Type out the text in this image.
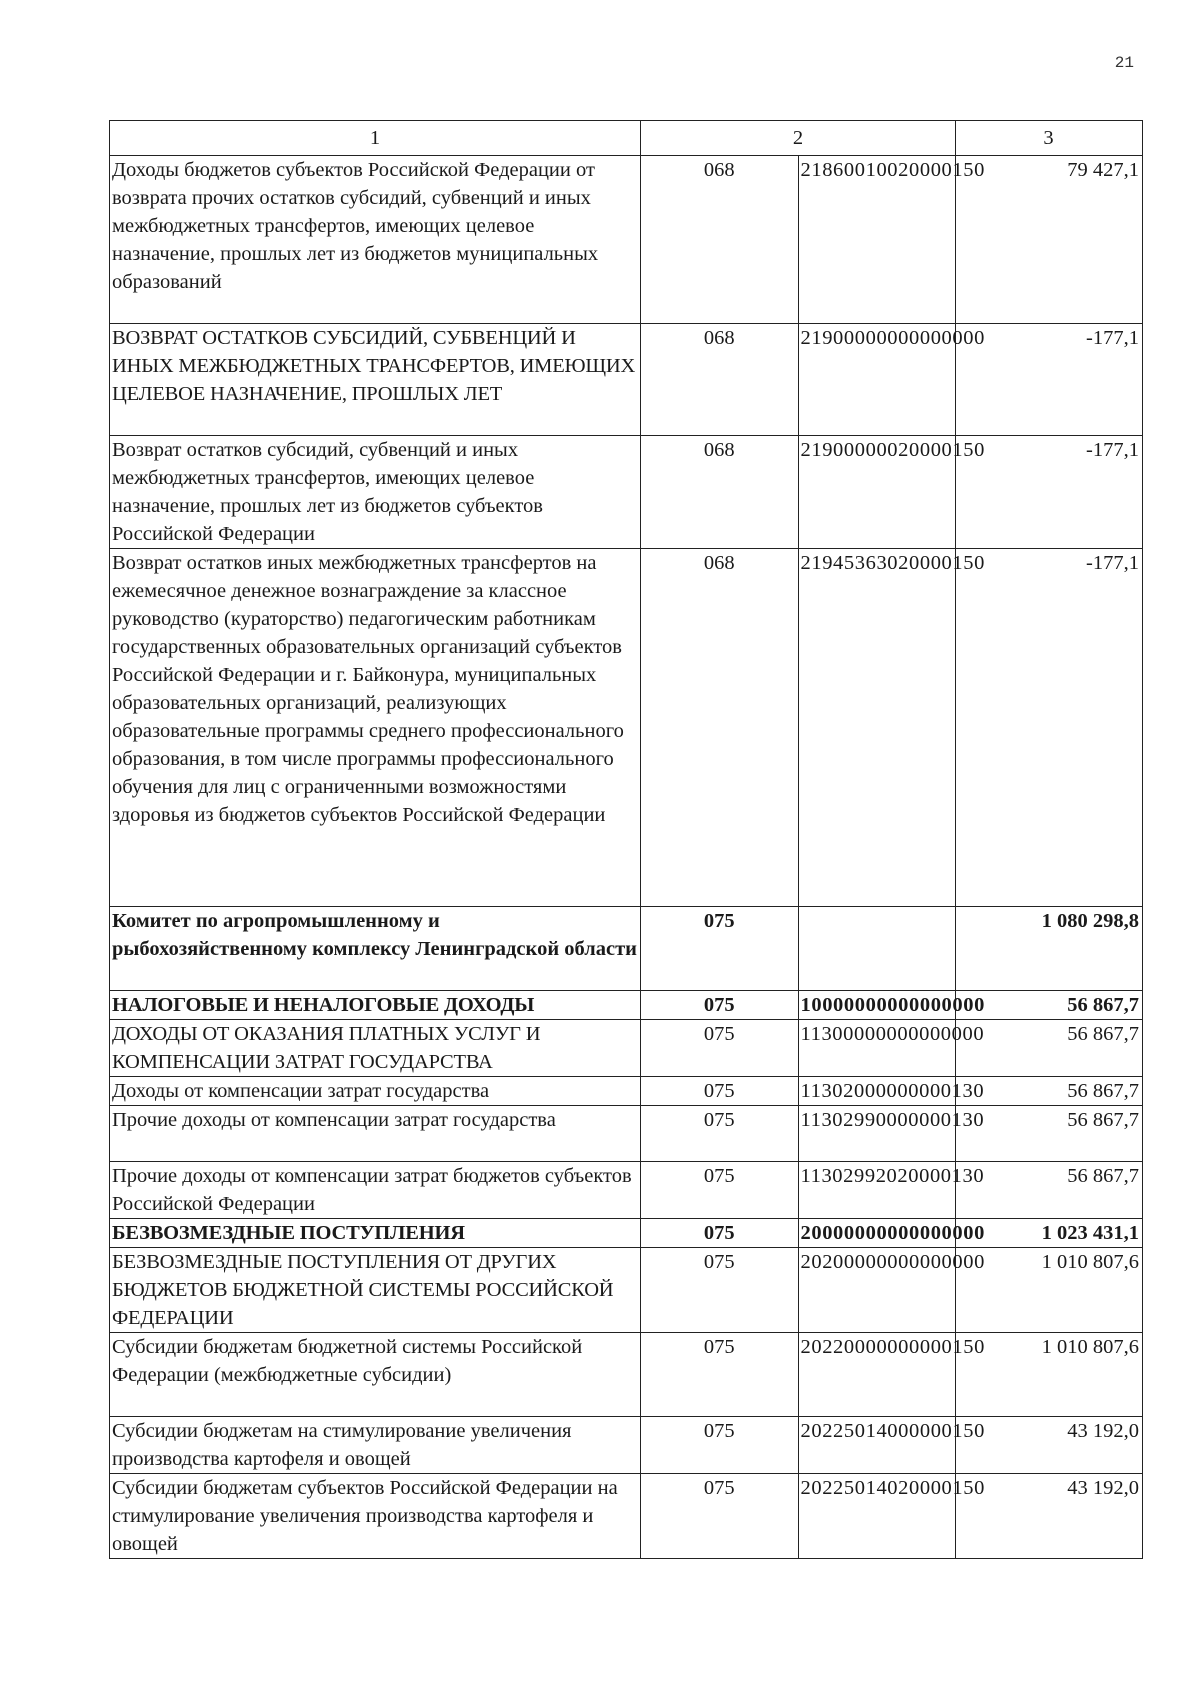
21
1	2		3
Доходы бюджетов субъектов Российской Федерации от возврата прочих остатков субсидий, субвенций и иных межбюджетных трансфертов, имеющих целевое назначение, прошлых лет из бюджетов муниципальных образований	068	21860010020000150	79 427,1
ВОЗВРАТ ОСТАТКОВ СУБСИДИЙ, СУБВЕНЦИЙ И ИНЫХ МЕЖБЮДЖЕТНЫХ ТРАНСФЕРТОВ, ИМЕЮЩИХ ЦЕЛЕВОЕ НАЗНАЧЕНИЕ, ПРОШЛЫХ ЛЕТ	068	21900000000000000	-177,1
Возврат остатков субсидий, субвенций и иных межбюджетных трансфертов, имеющих целевое назначение, прошлых лет из бюджетов субъектов Российской Федерации	068	21900000020000150	-177,1
Возврат остатков иных межбюджетных трансфертов на ежемесячное денежное вознаграждение за классное руководство (кураторство) педагогическим работникам государственных образовательных организаций субъектов Российской Федерации и г. Байконура, муниципальных образовательных организаций, реализующих образовательные программы среднего профессионального образования, в том числе программы профессионального обучения для лиц с ограниченными возможностями здоровья из бюджетов субъектов Российской Федерации	068	21945363020000150	-177,1
Комитет по агропромышленному и рыбохозяйственному комплексу Ленинградской области	075		1 080 298,8
НАЛОГОВЫЕ И НЕНАЛОГОВЫЕ ДОХОДЫ	075	10000000000000000	56 867,7
ДОХОДЫ ОТ ОКАЗАНИЯ ПЛАТНЫХ УСЛУГ И КОМПЕНСАЦИИ ЗАТРАТ ГОСУДАРСТВА	075	11300000000000000	56 867,7
Доходы от компенсации затрат государства	075	11302000000000130	56 867,7
Прочие доходы от компенсации затрат государства	075	11302990000000130	56 867,7
Прочие доходы от компенсации затрат бюджетов субъектов Российской Федерации	075	11302992020000130	56 867,7
БЕЗВОЗМЕЗДНЫЕ ПОСТУПЛЕНИЯ	075	20000000000000000	1 023 431,1
БЕЗВОЗМЕЗДНЫЕ ПОСТУПЛЕНИЯ ОТ ДРУГИХ БЮДЖЕТОВ БЮДЖЕТНОЙ СИСТЕМЫ РОССИЙСКОЙ ФЕДЕРАЦИИ	075	20200000000000000	1 010 807,6
Субсидии бюджетам бюджетной системы Российской Федерации (межбюджетные субсидии)	075	20220000000000150	1 010 807,6
Субсидии бюджетам на стимулирование увеличения производства картофеля и овощей	075	20225014000000150	43 192,0
Субсидии бюджетам субъектов Российской Федерации на стимулирование увеличения производства картофеля и овощей	075	20225014020000150	43 192,0
